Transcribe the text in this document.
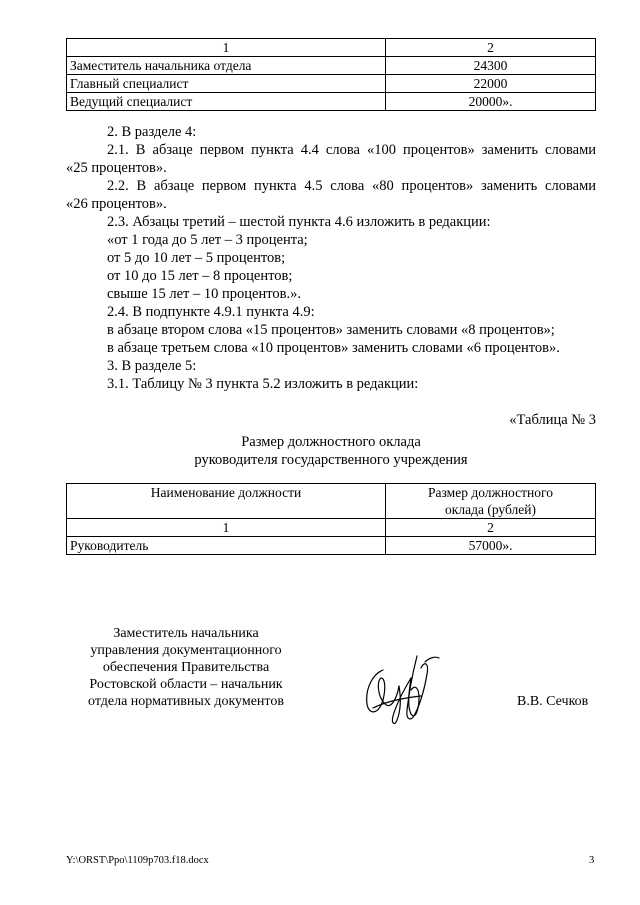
1	2
Заместитель начальника отдела	24300
Главный специалист	22000
Ведущий специалист	20000».
2. В разделе 4:
2.1. В абзаце первом пункта 4.4 слова «100 процентов» заменить словами
«25 процентов».
2.2. В абзаце первом пункта 4.5 слова «80 процентов» заменить словами
«26 процентов».
2.3. Абзацы третий – шестой пункта 4.6 изложить в редакции:
«от 1 года до 5 лет – 3 процента;
от 5 до 10 лет – 5 процентов;
от 10 до 15 лет – 8 процентов;
свыше 15 лет – 10 процентов.».
2.4. В подпункте 4.9.1 пункта 4.9:
в абзаце втором слова «15 процентов» заменить словами «8 процентов»;
в абзаце третьем слова «10 процентов» заменить словами «6 процентов».
3. В разделе 5:
3.1. Таблицу № 3 пункта 5.2 изложить в редакции:
«Таблица № 3
Размер должностного оклада
руководителя государственного учреждения
Наименование должности	Размер должностного
оклада (рублей)
1	2
Руководитель	57000».
Заместитель начальника
управления документационного
обеспечения Правительства
Ростовской области – начальник
отдела нормативных документов	В.В. Сечков
Y:\ORST\Ppo\1109p703.f18.docx	3
